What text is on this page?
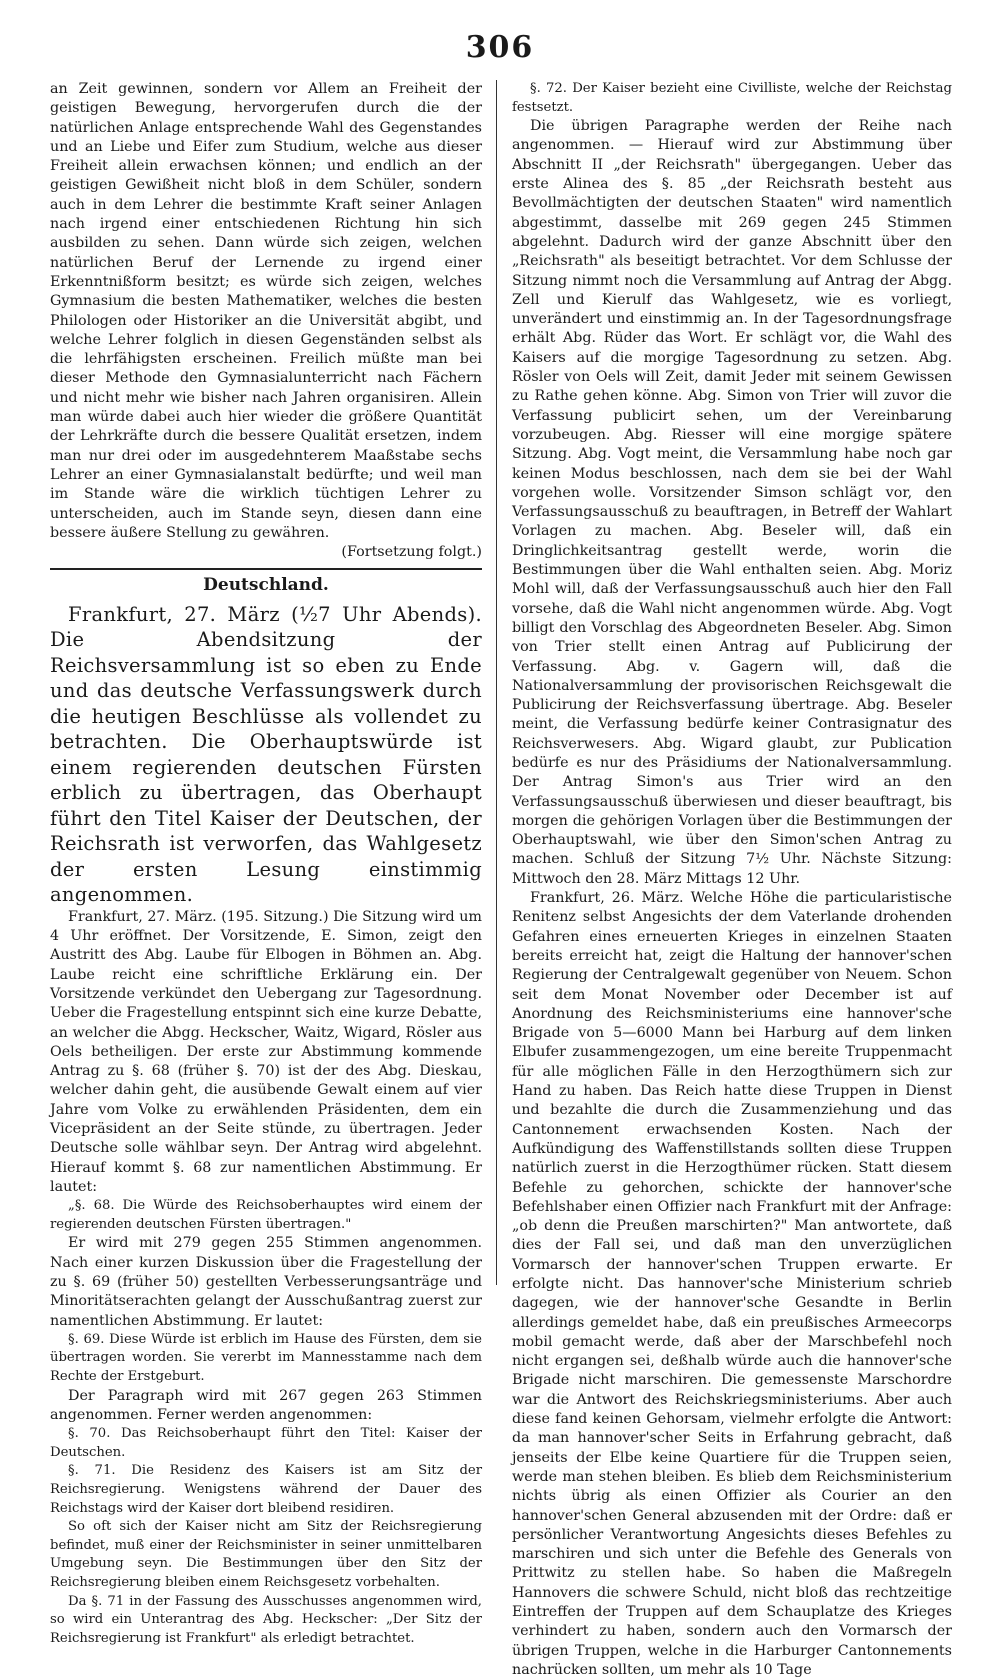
306

an Zeit gewinnen, sondern vor Allem an Freiheit der geistigen Bewegung, hervorgerufen durch die der natürlichen Anlage entsprechende Wahl des Gegenstandes und an Liebe und Eifer zum Studium, welche aus dieser Freiheit allein erwachsen können; und endlich an der geistigen Gewißheit nicht bloß in dem Schüler, sondern auch in dem Lehrer die bestimmte Kraft seiner Anlagen nach irgend einer entschiedenen Richtung hin sich ausbilden zu sehen. Dann würde sich zeigen, welchen natürlichen Beruf der Lernende zu irgend einer Erkenntnißform besitzt; es würde sich zeigen, welches Gymnasium die besten Mathematiker, welches die besten Philologen oder Historiker an die Universität abgibt, und welche Lehrer folglich in diesen Gegenständen selbst als die lehrfähigsten erscheinen. Freilich müßte man bei dieser Methode den Gymnasialunterricht nach Fächern und nicht mehr wie bisher nach Jahren organisiren. Allein man würde dabei auch hier wieder die größere Quantität der Lehrkräfte durch die bessere Qualität ersetzen, indem man nur drei oder im ausgedehnterem Maaßstabe sechs Lehrer an einer Gymnasialanstalt bedürfte; und weil man im Stande wäre die wirklich tüchtigen Lehrer zu unterscheiden, auch im Stande seyn, diesen dann eine bessere äußere Stellung zu gewähren.

(Fortsetzung folgt.)

Deutschland.

Frankfurt, 27. März (½7 Uhr Abends). Die Abendsitzung der Reichsversammlung ist so eben zu Ende und das deutsche Verfassungswerk durch die heutigen Beschlüsse als vollendet zu betrachten. Die Oberhauptswürde ist einem regierenden deutschen Fürsten erblich zu übertragen, das Oberhaupt führt den Titel Kaiser der Deutschen, der Reichsrath ist verworfen, das Wahlgesetz der ersten Lesung einstimmig angenommen.

Frankfurt, 27. März. (195. Sitzung.) Die Sitzung wird um 4 Uhr eröffnet. Der Vorsitzende, E. Simon, zeigt den Austritt des Abg. Laube für Elbogen in Böhmen an. Abg. Laube reicht eine schriftliche Erklärung ein. Der Vorsitzende verkündet den Uebergang zur Tagesordnung. Ueber die Fragestellung entspinnt sich eine kurze Debatte, an welcher die Abgg. Heckscher, Waitz, Wigard, Rösler aus Oels betheiligen. Der erste zur Abstimmung kommende Antrag zu §. 68 (früher §. 70) ist der des Abg. Dieskau, welcher dahin geht, die ausübende Gewalt einem auf vier Jahre vom Volke zu erwählenden Präsidenten, dem ein Vicepräsident an der Seite stünde, zu übertragen. Jeder Deutsche solle wählbar seyn. Der Antrag wird abgelehnt. Hierauf kommt §. 68 zur namentlichen Abstimmung. Er lautet:

„§. 68. Die Würde des Reichsoberhauptes wird einem der regierenden deutschen Fürsten übertragen."

Er wird mit 279 gegen 255 Stimmen angenommen. Nach einer kurzen Diskussion über die Fragestellung der zu §. 69 (früher 50) gestellten Verbesserungsanträge und Minoritätserachten gelangt der Ausschußantrag zuerst zur namentlichen Abstimmung. Er lautet:

§. 69. Diese Würde ist erblich im Hause des Fürsten, dem sie übertragen worden. Sie vererbt im Mannesstamme nach dem Rechte der Erstgeburt.

Der Paragraph wird mit 267 gegen 263 Stimmen angenommen. Ferner werden angenommen:

§. 70. Das Reichsoberhaupt führt den Titel: Kaiser der Deutschen.

§. 71. Die Residenz des Kaisers ist am Sitz der Reichsregierung. Wenigstens während der Dauer des Reichstags wird der Kaiser dort bleibend residiren.

So oft sich der Kaiser nicht am Sitz der Reichsregierung befindet, muß einer der Reichsminister in seiner unmittelbaren Umgebung seyn. Die Bestimmungen über den Sitz der Reichsregierung bleiben einem Reichsgesetz vorbehalten.

Da §. 71 in der Fassung des Ausschusses angenommen wird, so wird ein Unterantrag des Abg. Heckscher: „Der Sitz der Reichsregierung ist Frankfurt" als erledigt betrachtet.

§. 72. Der Kaiser bezieht eine Civilliste, welche der Reichstag festsetzt.

Die übrigen Paragraphe werden der Reihe nach angenommen. — Hierauf wird zur Abstimmung über Abschnitt II „der Reichsrath" übergegangen. Ueber das erste Alinea des §. 85 „der Reichsrath besteht aus Bevollmächtigten der deutschen Staaten" wird namentlich abgestimmt, dasselbe mit 269 gegen 245 Stimmen abgelehnt. Dadurch wird der ganze Abschnitt über den „Reichsrath" als beseitigt betrachtet. Vor dem Schlusse der Sitzung nimmt noch die Versammlung auf Antrag der Abgg. Zell und Kierulf das Wahlgesetz, wie es vorliegt, unverändert und einstimmig an. In der Tagesordnungsfrage erhält Abg. Rüder das Wort. Er schlägt vor, die Wahl des Kaisers auf die morgige Tagesordnung zu setzen. Abg. Rösler von Oels will Zeit, damit Jeder mit seinem Gewissen zu Rathe gehen könne. Abg. Simon von Trier will zuvor die Verfassung publicirt sehen, um der Vereinbarung vorzubeugen. Abg. Riesser will eine morgige spätere Sitzung. Abg. Vogt meint, die Versammlung habe noch gar keinen Modus beschlossen, nach dem sie bei der Wahl vorgehen wolle. Vorsitzender Simson schlägt vor, den Verfassungsausschuß zu beauftragen, in Betreff der Wahlart Vorlagen zu machen. Abg. Beseler will, daß ein Dringlichkeitsantrag gestellt werde, worin die Bestimmungen über die Wahl enthalten seien. Abg. Moriz Mohl will, daß der Verfassungsausschuß auch hier den Fall vorsehe, daß die Wahl nicht angenommen würde. Abg. Vogt billigt den Vorschlag des Abgeordneten Beseler. Abg. Simon von Trier stellt einen Antrag auf Publicirung der Verfassung. Abg. v. Gagern will, daß die Nationalversammlung der provisorischen Reichsgewalt die Publicirung der Reichsverfassung übertrage. Abg. Beseler meint, die Verfassung bedürfe keiner Contrasignatur des Reichsverwesers. Abg. Wigard glaubt, zur Publication bedürfe es nur des Präsidiums der Nationalversammlung. Der Antrag Simon's aus Trier wird an den Verfassungsausschuß überwiesen und dieser beauftragt, bis morgen die gehörigen Vorlagen über die Bestimmungen der Oberhauptswahl, wie über den Simon'schen Antrag zu machen. Schluß der Sitzung 7½ Uhr. Nächste Sitzung: Mittwoch den 28. März Mittags 12 Uhr.

Frankfurt, 26. März. Welche Höhe die particularistische Renitenz selbst Angesichts der dem Vaterlande drohenden Gefahren eines erneuerten Krieges in einzelnen Staaten bereits erreicht hat, zeigt die Haltung der hannover'schen Regierung der Centralgewalt gegenüber von Neuem. Schon seit dem Monat November oder December ist auf Anordnung des Reichsministeriums eine hannover'sche Brigade von 5—6000 Mann bei Harburg auf dem linken Elbufer zusammengezogen, um eine bereite Truppenmacht für alle möglichen Fälle in den Herzogthümern sich zur Hand zu haben. Das Reich hatte diese Truppen in Dienst und bezahlte die durch die Zusammenziehung und das Cantonnement erwachsenden Kosten. Nach der Aufkündigung des Waffenstillstands sollten diese Truppen natürlich zuerst in die Herzogthümer rücken. Statt diesem Befehle zu gehorchen, schickte der hannover'sche Befehlshaber einen Offizier nach Frankfurt mit der Anfrage: „ob denn die Preußen marschirten?" Man antwortete, daß dies der Fall sei, und daß man den unverzüglichen Vormarsch der hannover'schen Truppen erwarte. Er erfolgte nicht. Das hannover'sche Ministerium schrieb dagegen, wie der hannover'sche Gesandte in Berlin allerdings gemeldet habe, daß ein preußisches Armeecorps mobil gemacht werde, daß aber der Marschbefehl noch nicht ergangen sei, deßhalb würde auch die hannover'sche Brigade nicht marschiren. Die gemessenste Marschordre war die Antwort des Reichskriegsministeriums. Aber auch diese fand keinen Gehorsam, vielmehr erfolgte die Antwort: da man hannover'scher Seits in Erfahrung gebracht, daß jenseits der Elbe keine Quartiere für die Truppen seien, werde man stehen bleiben. Es blieb dem Reichsministerium nichts übrig als einen Offizier als Courier an den hannover'schen General abzusenden mit der Ordre: daß er persönlicher Verantwortung Angesichts dieses Befehles zu marschiren und sich unter die Befehle des Generals von Prittwitz zu stellen habe. So haben die Maßregeln Hannovers die schwere Schuld, nicht bloß das rechtzeitige Eintreffen der Truppen auf dem Schauplatze des Krieges verhindert zu haben, sondern auch den Vormarsch der übrigen Truppen, welche in die Harburger Cantonnements nachrücken sollten, um mehr als 10 Tage
